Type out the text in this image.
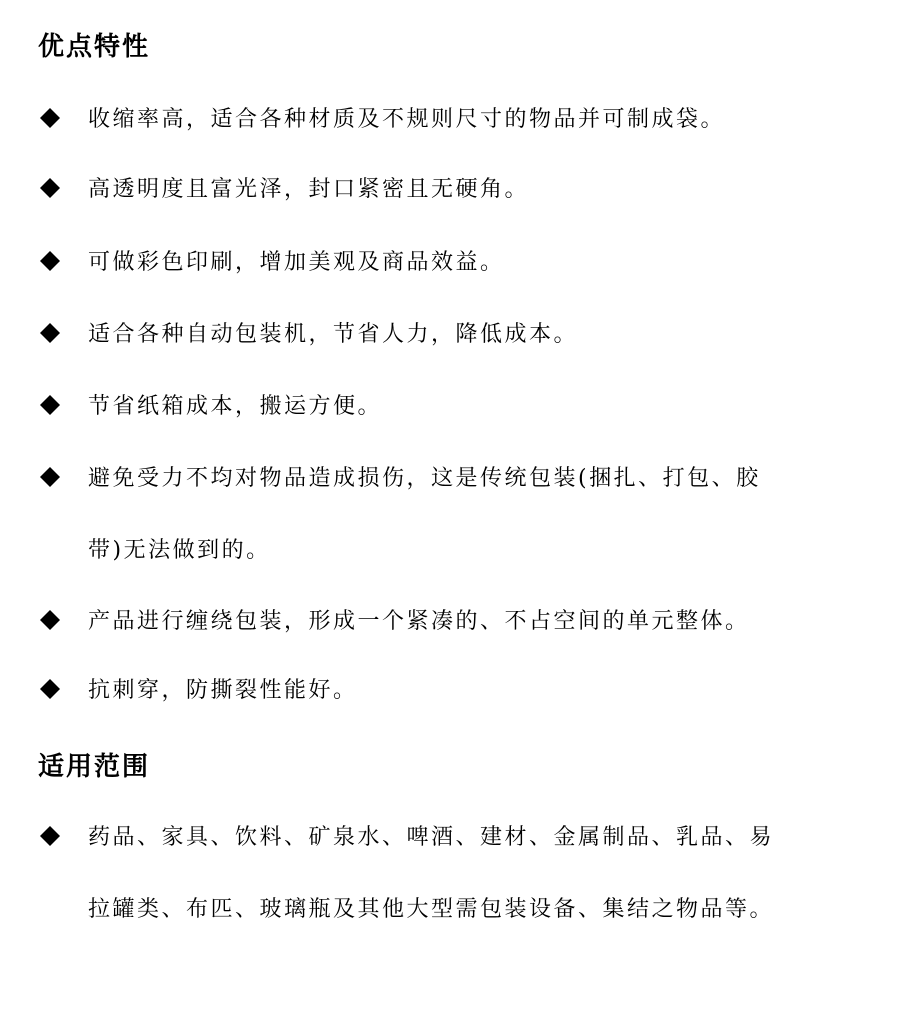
优点特性
收缩率高，适合各种材质及不规则尺寸的物品并可制成袋。
高透明度且富光泽，封口紧密且无硬角。
可做彩色印刷，增加美观及商品效益。
适合各种自动包装机，节省人力，降低成本。
节省纸箱成本，搬运方便。
避免受力不均对物品造成损伤，这是传统包装(捆扎、打包、胶
带)无法做到的。
产品进行缠绕包装，形成一个紧凑的、不占空间的单元整体。
抗刺穿，防撕裂性能好。
适用范围
药品、家具、饮料、矿泉水、啤酒、建材、金属制品、乳品、易
拉罐类、布匹、玻璃瓶及其他大型需包装设备、集结之物品等。
